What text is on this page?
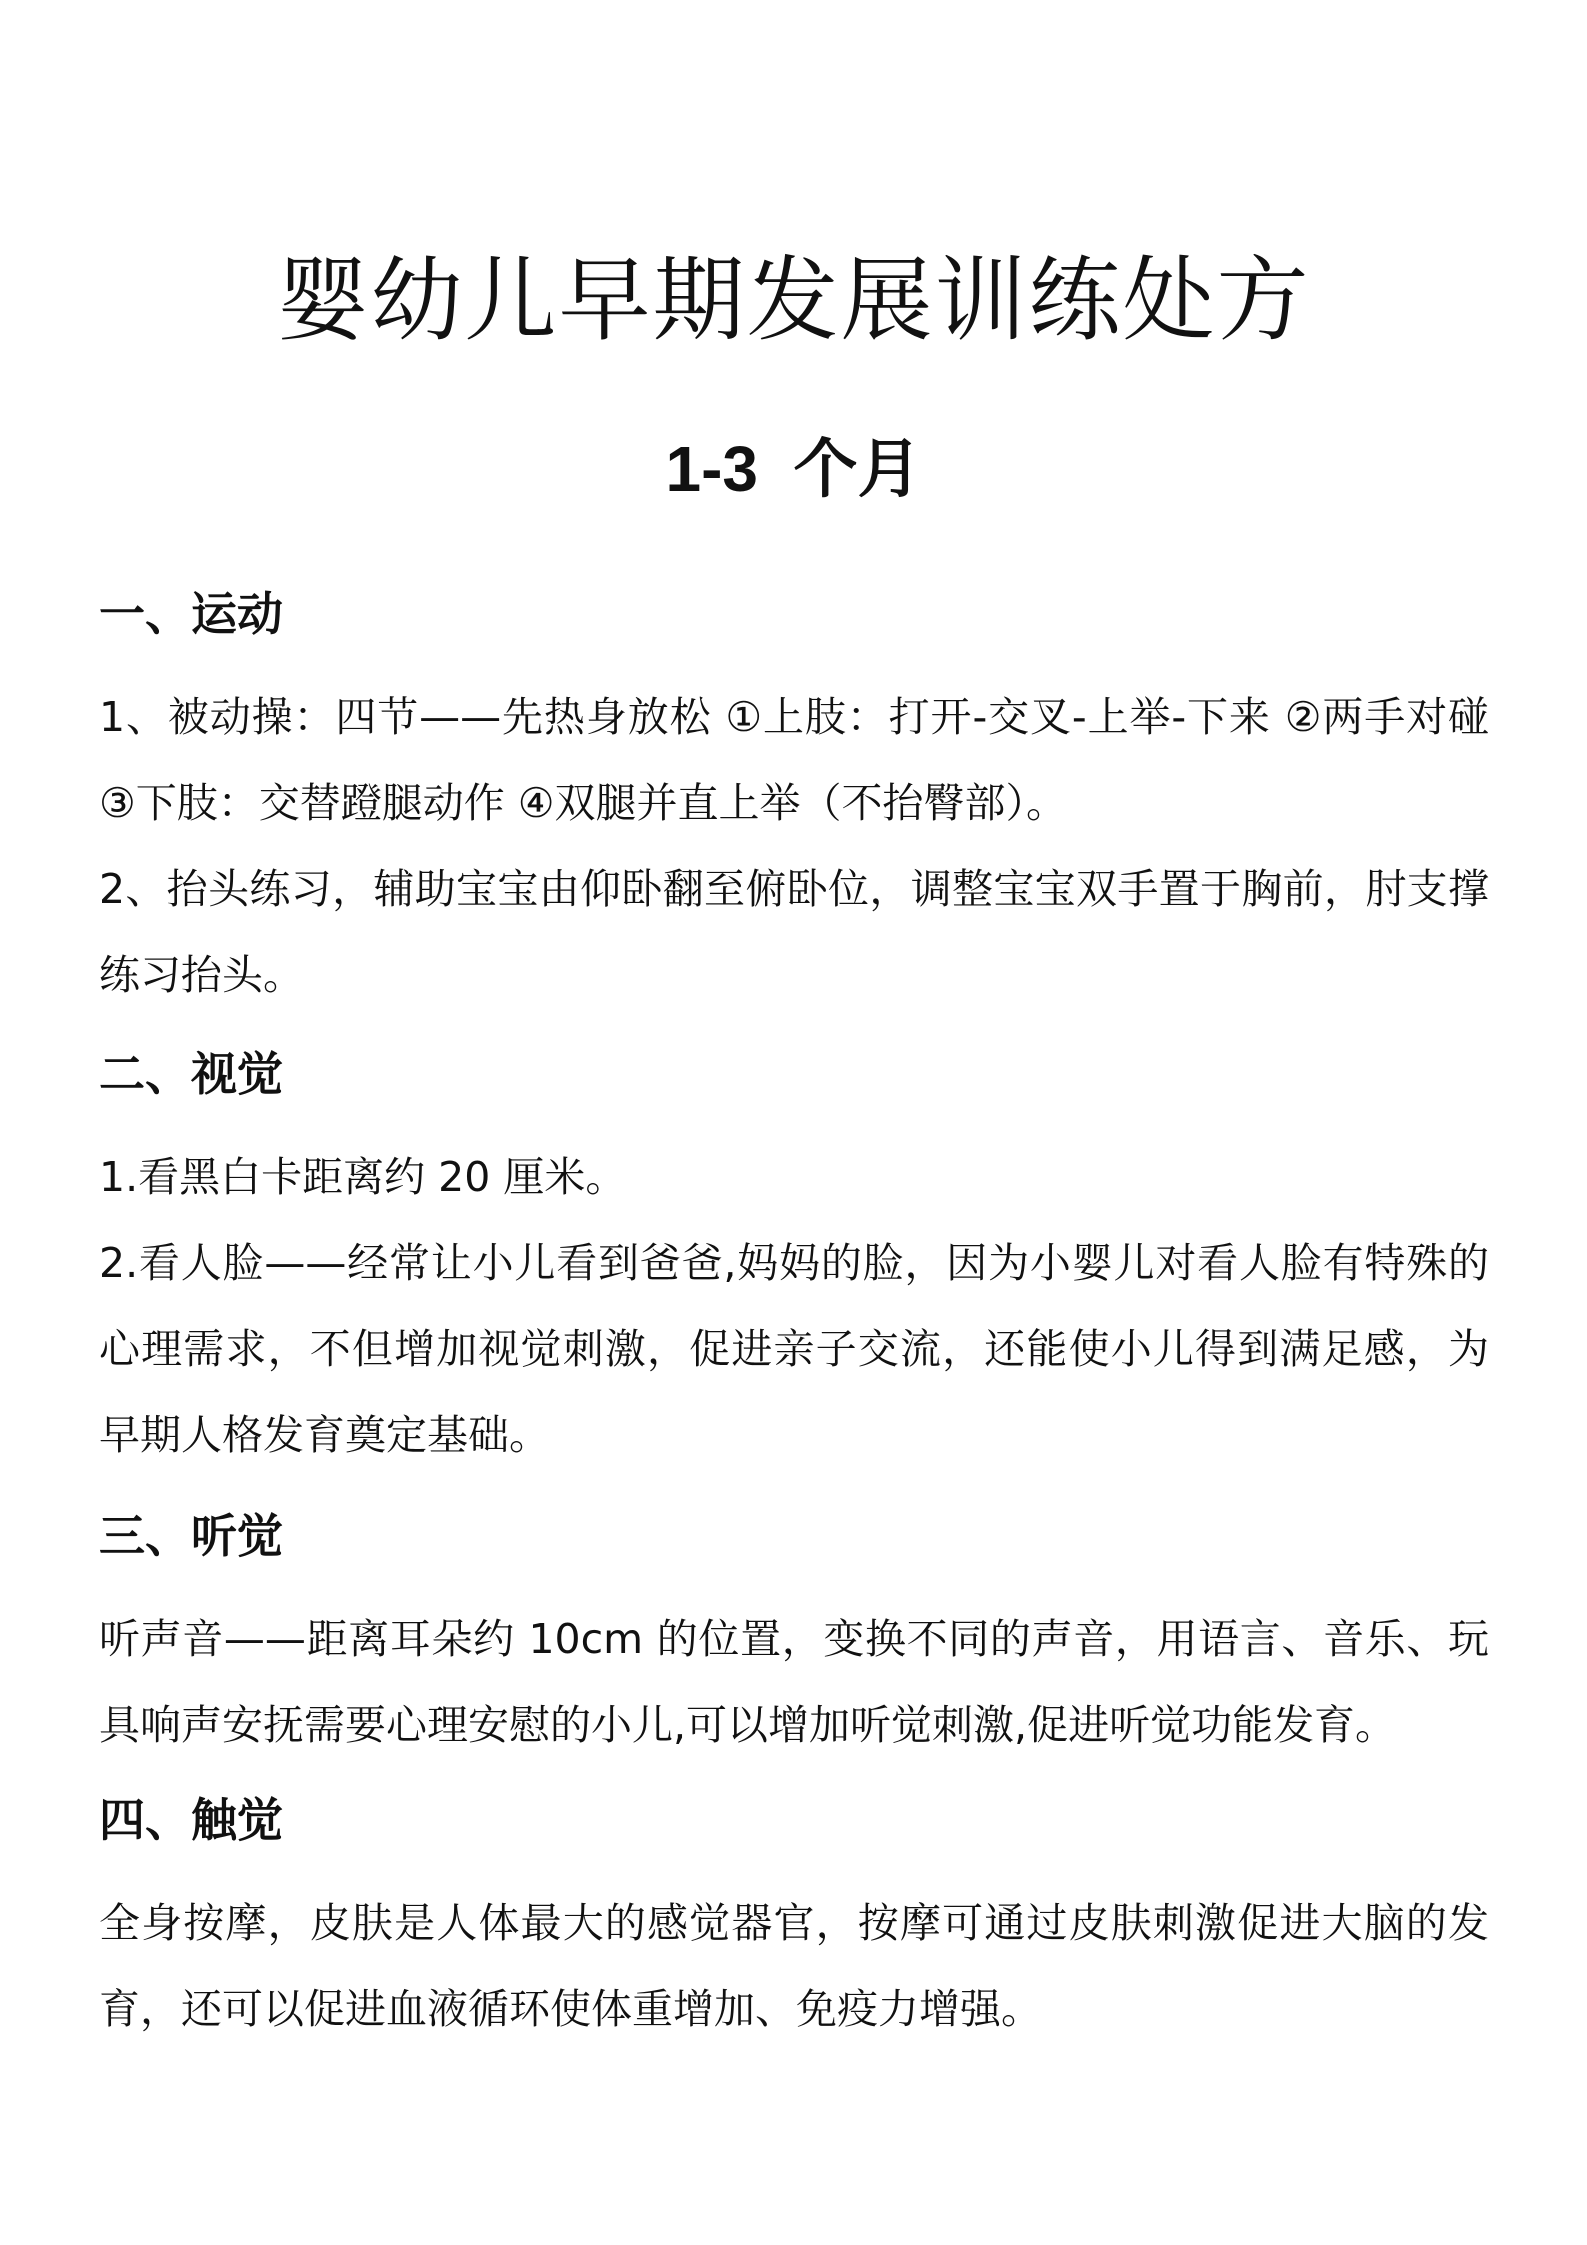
婴幼儿早期发展训练处方
1-3  个月
一、运动

1、被动操：四节——先热身放松 ①上肢：打开-交叉-上举-下来 ②两手对碰 ③下肢：交替蹬腿动作 ④双腿并直上举（不抬臀部）。

2、抬头练习，辅助宝宝由仰卧翻至俯卧位，调整宝宝双手置于胸前，肘支撑练习抬头。

二、视觉

1.看黑白卡距离约 20 厘米。

2.看人脸——经常让小儿看到爸爸,妈妈的脸，因为小婴儿对看人脸有特殊的心理需求，不但增加视觉刺激，促进亲子交流，还能使小儿得到满足感，为早期人格发育奠定基础。

三、听觉

听声音——距离耳朵约 10cm 的位置，变换不同的声音，用语言、音乐、玩具响声安抚需要心理安慰的小儿,可以增加听觉刺激,促进听觉功能发育。

四、触觉

全身按摩，皮肤是人体最大的感觉器官，按摩可通过皮肤刺激促进大脑的发育，还可以促进血液循环使体重增加、免疫力增强。
